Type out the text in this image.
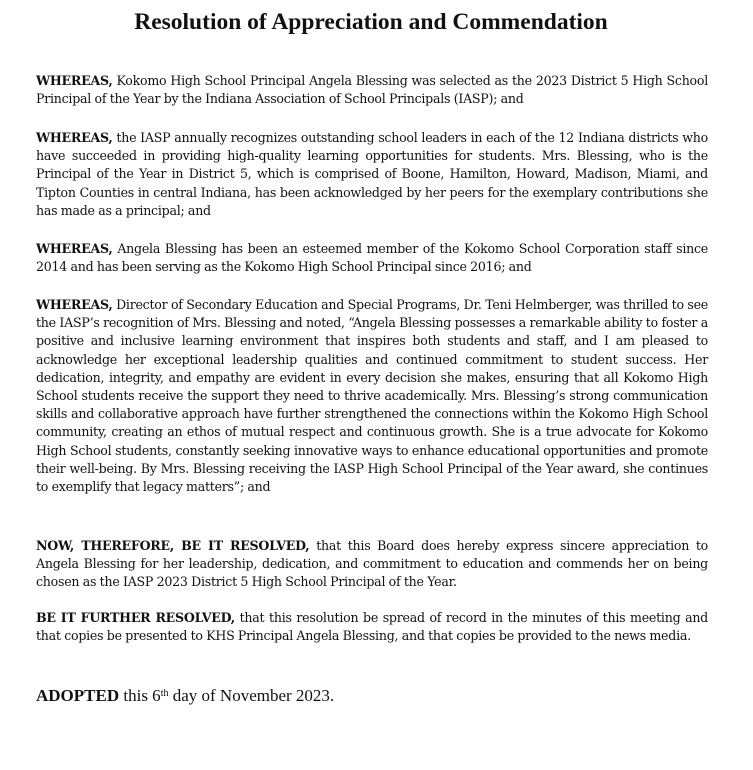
Resolution of Appreciation and Commendation

WHEREAS, Kokomo High School Principal Angela Blessing was selected as the 2023 District 5 High School Principal of the Year by the Indiana Association of School Principals (IASP); and

WHEREAS, the IASP annually recognizes outstanding school leaders in each of the 12 Indiana districts who have succeeded in providing high-quality learning opportunities for students. Mrs. Blessing, who is the Principal of the Year in District 5, which is comprised of Boone, Hamilton, Howard, Madison, Miami, and Tipton Counties in central Indiana, has been acknowledged by her peers for the exemplary contributions she has made as a principal; and

WHEREAS, Angela Blessing has been an esteemed member of the Kokomo School Corporation staff since 2014 and has been serving as the Kokomo High School Principal since 2016; and

WHEREAS, Director of Secondary Education and Special Programs, Dr. Teni Helmberger, was thrilled to see the IASP’s recognition of Mrs. Blessing and noted, “Angela Blessing possesses a remarkable ability to foster a positive and inclusive learning environment that inspires both students and staff, and I am pleased to acknowledge her exceptional leadership qualities and continued commitment to student success. Her dedication, integrity, and empathy are evident in every decision she makes, ensuring that all Kokomo High School students receive the support they need to thrive academically. Mrs. Blessing’s strong communication skills and collaborative approach have further strengthened the connections within the Kokomo High School community, creating an ethos of mutual respect and continuous growth. She is a true advocate for Kokomo High School students, constantly seeking innovative ways to enhance educational opportunities and promote their well-being. By Mrs. Blessing receiving the IASP High School Principal of the Year award, she continues to exemplify that legacy matters”; and

NOW, THEREFORE, BE IT RESOLVED, that this Board does hereby express sincere appreciation to Angela Blessing for her leadership, dedication, and commitment to education and commends her on being chosen as the IASP 2023 District 5 High School Principal of the Year.

BE IT FURTHER RESOLVED, that this resolution be spread of record in the minutes of this meeting and that copies be presented to KHS Principal Angela Blessing, and that copies be provided to the news media.

ADOPTED this 6th day of November 2023.
